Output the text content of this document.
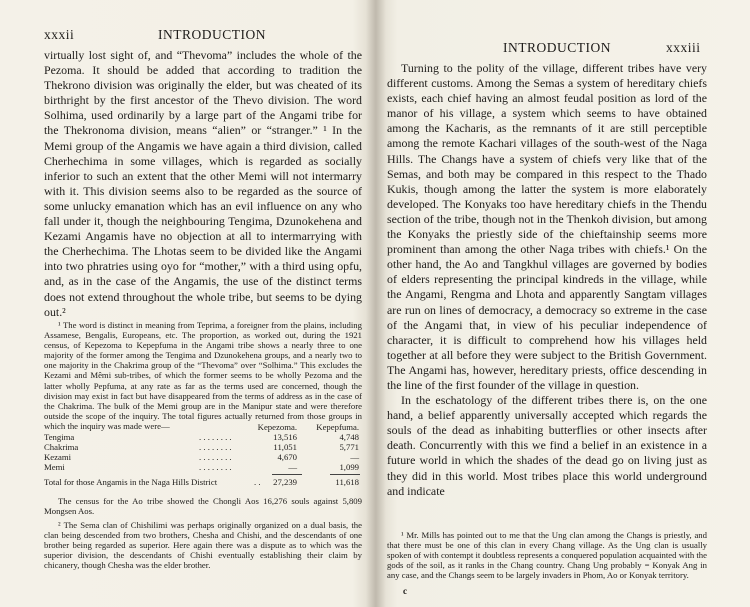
xxxii	INTRODUCTION

virtually lost sight of, and “Thevoma” includes the whole of the Pezoma. It should be added that according to tradition the Thekrono division was originally the elder, but was cheated of its birthright by the first ancestor of the Thevo division. The word Solhima, used ordinarily by a large part of the Angami tribe for the Thekronoma division, means “alien” or “stranger.” ¹ In the Memi group of the Angamis we have again a third division, called Cherhechima in some villages, which is regarded as socially inferior to such an extent that the other Memi will not intermarry with it. This division seems also to be regarded as the source of some unlucky emanation which has an evil influence on any who fall under it, though the neighbouring Tengima, Dzunokehena and Kezami Angamis have no objection at all to intermarrying with the Cherhechima. The Lhotas seem to be divided like the Angami into two phratries using oyo for “mother,” with a third using opfu, and, as in the case of the Angamis, the use of the distinct terms does not extend throughout the whole tribe, but seems to be dying out.²

¹ The word is distinct in meaning from Teprima, a foreigner from the plains, including Assamese, Bengalis, Europeans, etc. The proportion, as worked out, during the 1921 census, of Kepezoma to Kepepfuma in the Angami tribe shows a nearly three to one majority of the former among the Tengima and Dzunokehena groups, and a nearly two to one majority in the Chakrima group of the “Thevoma” over “Solhima.” This excludes the Kezami and Mêmi sub-tribes, of which the former seems to be wholly Pezoma and the latter wholly Pepfuma, at any rate as far as the terms used are concerned, though the division may exist in fact but have disappeared from the terms of address as in the case of the Chakrima. The bulk of the Memi group are in the Manipur state and were therefore outside the scope of the inquiry. The total figures actually returned from those groups in which the inquiry was made were—	Kepezoma. Kepepfuma.
Tengima	. . . . . . . .	13,516	4,748
Chakrima	. . . . . . . .	11,051	5,771
Kezami	. . . . . . . .	4,670	—
Memi	. . . . . . . .	—	1,099
Total for those Angamis in the Naga Hills District	. . 27,239	11,618

The census for the Ao tribe showed the Chongli Aos 16,276 souls against 5,809 Mongsen Aos.

² The Sema clan of Chishilimi was perhaps originally organized on a dual basis, the clan being descended from two brothers, Chesha and Chishi, and the descendants of one brother being regarded as superior. Here again there was a dispute as to which was the superior division, the descendants of Chishi eventually establishing their claim by chicanery, though Chesha was the elder brother.

INTRODUCTION	xxxiii

Turning to the polity of the village, different tribes have very different customs. Among the Semas a system of hereditary chiefs exists, each chief having an almost feudal position as lord of the manor of his village, a system which seems to have obtained among the Kacharis, as the remnants of it are still perceptible among the remote Kachari villages of the south-west of the Naga Hills. The Changs have a system of chiefs very like that of the Semas, and both may be compared in this respect to the Thado Kukis, though among the latter the system is more elaborately developed. The Konyaks too have hereditary chiefs in the Thendu section of the tribe, though not in the Thenkoh division, but among the Konyaks the priestly side of the chieftainship seems more prominent than among the other Naga tribes with chiefs.¹ On the other hand, the Ao and Tangkhul villages are governed by bodies of elders representing the principal kindreds in the village, while the Angami, Rengma and Lhota and apparently Sangtam villages are run on lines of democracy, a democracy so extreme in the case of the Angami that, in view of his peculiar independence of character, it is difficult to comprehend how his villages held together at all before they were subject to the British Government. The Angami has, however, hereditary priests, office descending in the line of the first founder of the village in question.

In the eschatology of the different tribes there is, on the one hand, a belief apparently universally accepted which regards the souls of the dead as inhabiting butterflies or other insects after death. Concurrently with this we find a belief in an existence in a future world in which the shades of the dead go on living just as they did in this world. Most tribes place this world underground and indicate

¹ Mr. Mills has pointed out to me that the Ung clan among the Changs is priestly, and that there must be one of this clan in every Chang village. As the Ung clan is usually spoken of with contempt it doubtless represents a conquered population acquainted with the gods of the soil, as it ranks in the Chang country. Chang Ung probably = Konyak Ang in any case, and the Changs seem to be largely invaders in Phom, Ao or Konyak territory.

c
